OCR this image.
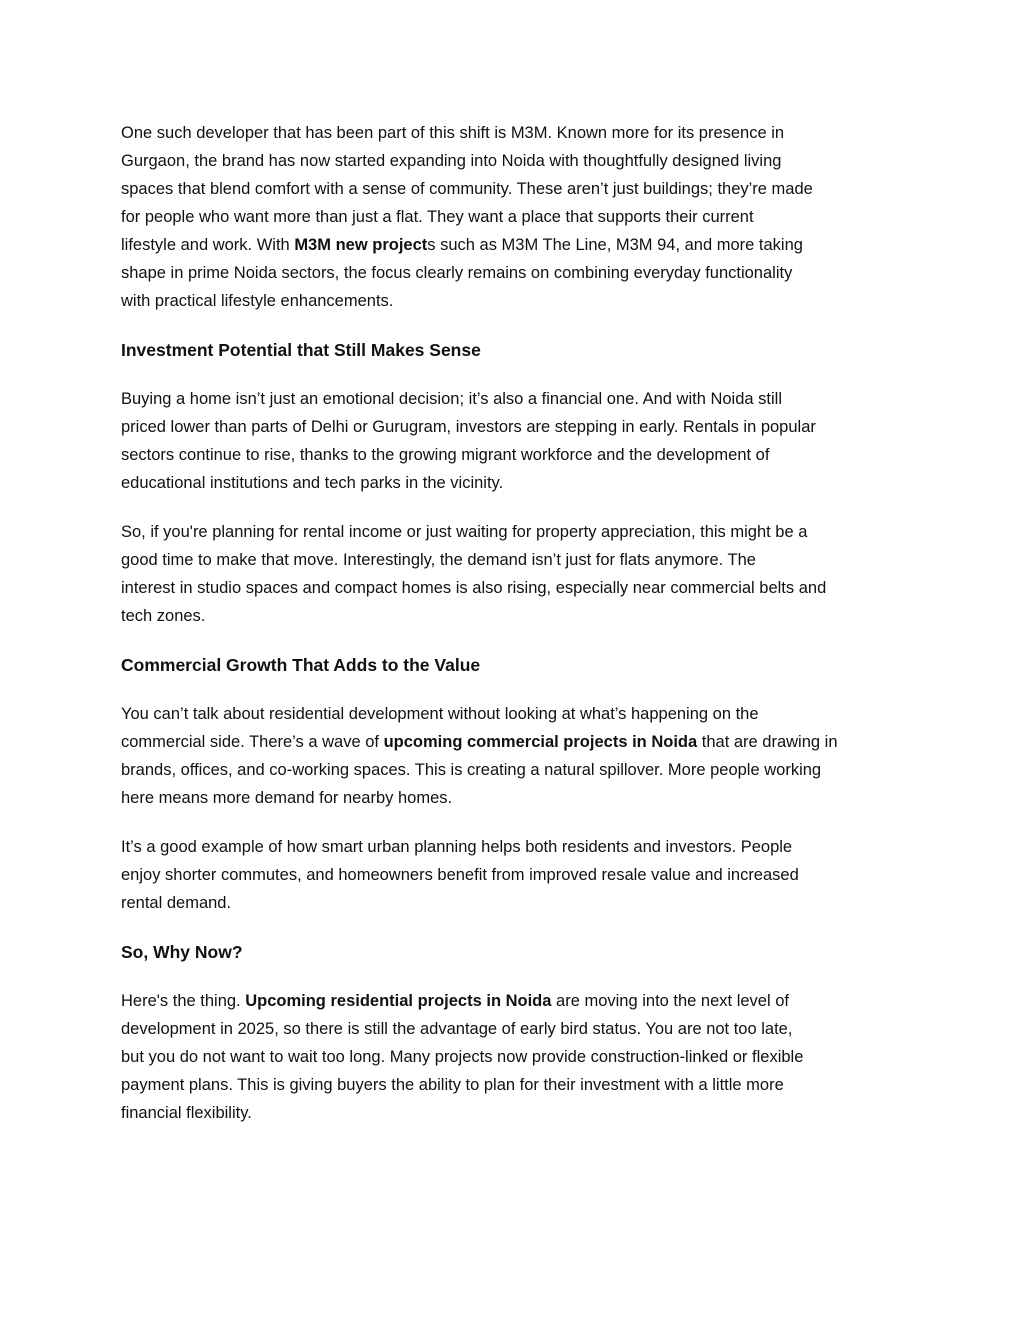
One such developer that has been part of this shift is M3M. Known more for its presence in
Gurgaon, the brand has now started expanding into Noida with thoughtfully designed living
spaces that blend comfort with a sense of community. These aren’t just buildings; they’re made
for people who want more than just a flat. They want a place that supports their current
lifestyle and work. With M3M new projects such as M3M The Line, M3M 94, and more taking
shape in prime Noida sectors, the focus clearly remains on combining everyday functionality
with practical lifestyle enhancements.
Investment Potential that Still Makes Sense
Buying a home isn’t just an emotional decision; it’s also a financial one. And with Noida still
priced lower than parts of Delhi or Gurugram, investors are stepping in early. Rentals in popular
sectors continue to rise, thanks to the growing migrant workforce and the development of
educational institutions and tech parks in the vicinity.
So, if you're planning for rental income or just waiting for property appreciation, this might be a
good time to make that move. Interestingly, the demand isn’t just for flats anymore. The
interest in studio spaces and compact homes is also rising, especially near commercial belts and
tech zones.
Commercial Growth That Adds to the Value
You can’t talk about residential development without looking at what’s happening on the
commercial side. There’s a wave of upcoming commercial projects in Noida that are drawing in
brands, offices, and co-working spaces. This is creating a natural spillover. More people working
here means more demand for nearby homes.
It’s a good example of how smart urban planning helps both residents and investors. People
enjoy shorter commutes, and homeowners benefit from improved resale value and increased
rental demand.
So, Why Now?
Here's the thing. Upcoming residential projects in Noida are moving into the next level of
development in 2025, so there is still the advantage of early bird status. You are not too late,
but you do not want to wait too long. Many projects now provide construction-linked or flexible
payment plans. This is giving buyers the ability to plan for their investment with a little more
financial flexibility.
